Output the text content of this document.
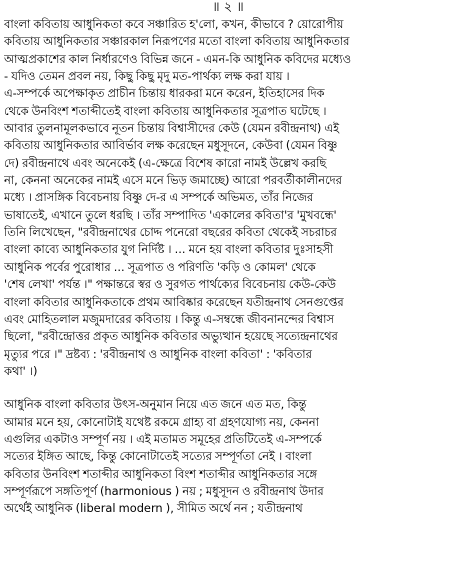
॥ ২ ॥
বাংলা কবিতায় আধুনিকতা কবে সঞ্চারিত হ'লো, কখন, কীভাবে ? য়োরোপীয়
কবিতায় আধুনিকতার সঞ্চারকাল নিরূপণের মতো বাংলা কবিতায় আধুনিকতার
আত্মপ্রকাশের কাল নির্ধারণেও বিভিন্ন জনে - এমন-কি আধুনিক কবিদের মধ্যেও
- যদিও তেমন প্রবল নয়, কিছু কিছু মৃদু মত-পার্থক্য লক্ষ করা যায় ।
এ-সম্পর্কে অপেক্ষাকৃত প্রাচীন চিন্তায় ধারকরা মনে করেন, ইতিহাসের দিক
থেকে উনবিংশ শতাব্দীতেই বাংলা কবিতায় আধুনিকতার সূত্রপাত ঘটেছে ।
আবার তুলনামূলকভাবে নূতন চিন্তায় বিশ্বাসীদের কেউ (যেমন রবীন্দ্রনাথ) এই
কবিতায় আধুনিকতার আবির্ভাব লক্ষ করেছেন মধুসূদনে, কেউবা (যেমন বিষ্ণু
দে) রবীন্দ্রনাথে এবং অনেকেই (এ-ক্ষেত্রে বিশেষ কারো নামই উল্লেখ করছি
না, কেননা অনেকের নামই এসে মনে ভিড় জমাচ্ছে) আরো পরবর্তীকালীনদের
মধ্যে । প্রাসঙ্গিক বিবেচনায় বিষ্ণু দে-র এ সম্পর্কে অভিমত, তাঁর নিজের
ভাষাতেই, এখানে তুলে ধরছি । তাঁর সম্পাদিত 'একালের কবিতা'র 'মুখবন্ধে'
তিনি লিখেছেন, "রবীন্দ্রনাথের চোদ্দ পনেরো বছরের কবিতা থেকেই সচরাচর
বাংলা কাব্যে আধুনিকতার যুগ নির্দিষ্ট । ... মনে হয় বাংলা কবিতার দুঃসাহসী
আধুনিক পর্বের পুরোধার ... সূত্রপাত ও পরিণতি 'কড়ি ও কোমল' থেকে
'শেষ লেখা' পর্যন্ত ।" পক্ষান্তরে স্বর ও সুরগত পার্থক্যের বিবেচনায় কেউ-কেউ
বাংলা কবিতার আধুনিকতাকে প্রথম আবিষ্কার করেছেন যতীন্দ্রনাথ সেনগুপ্তের
এবং মোহিতলাল মজুমদারের কবিতায় । কিন্তু এ-সম্বন্ধে জীবনানন্দের বিশ্বাস
ছিলো, "রবীন্দ্রোত্তর প্রকৃত আধুনিক কবিতার অভ্যুত্থান হয়েছে সত্যেন্দ্রনাথের
মৃত্যুর পরে ।" দ্রষ্টব্য : 'রবীন্দ্রনাথ ও আধুনিক বাংলা কবিতা' : 'কবিতার
কথা' ।)
আধুনিক বাংলা কবিতার উৎস-অনুমান নিয়ে এত জনে এত মত, কিন্তু
আমার মনে হয়, কোনোটাই যথেষ্ট রকমে গ্রাহ্য বা গ্রহণযোগ্য নয়, কেননা
এগুলির একটাও সম্পূর্ণ নয় । এই মতামত সমূহের প্রতিটিতেই এ-সম্পর্কে
সত্যের ইঙ্গিত আছে, কিন্তু কোনোটাতেই সত্যের সম্পূর্ণতা নেই । বাংলা
কবিতার উনবিংশ শতাব্দীর আধুনিকতা বিংশ শতাব্দীর আধুনিকতার সঙ্গে
সম্পূর্ণরূপে সঙ্গতিপূর্ণ (harmonious ) নয় ; মধুসূদন ও রবীন্দ্রনাথ উদার
অর্থেই আধুনিক (liberal modern ), সীমিত অর্থে নন ; যতীন্দ্রনাথ
